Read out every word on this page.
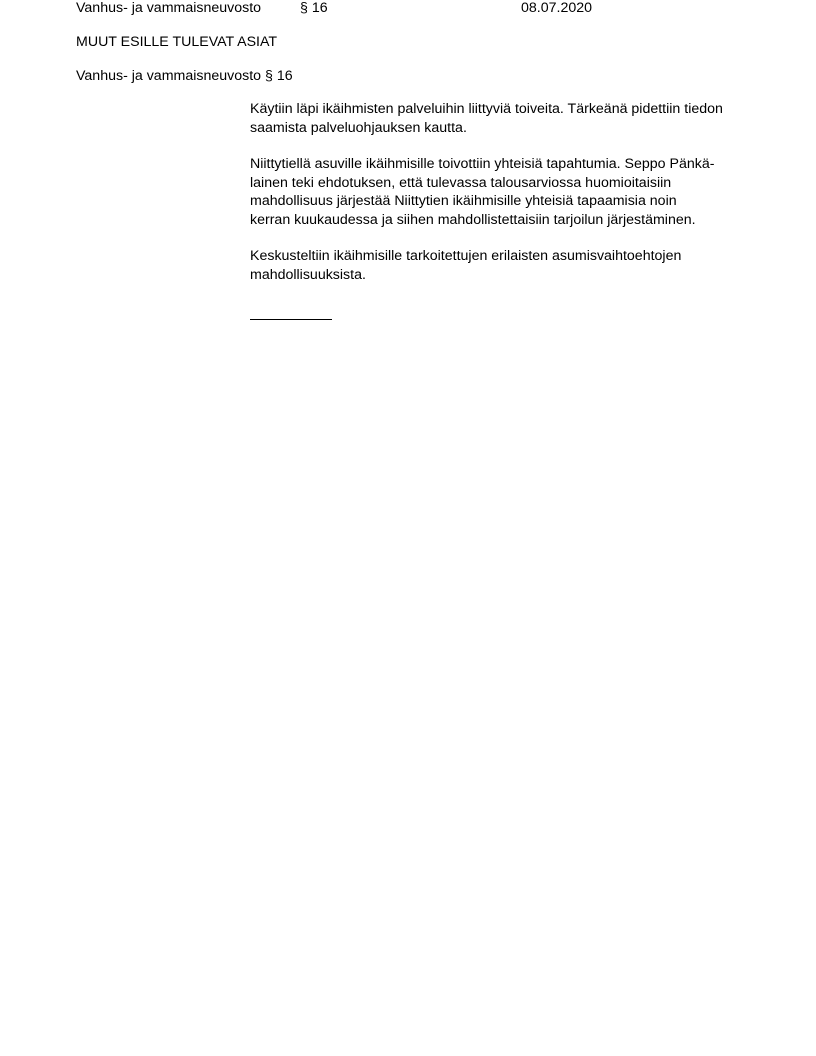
Vanhus- ja vammaisneuvosto	§ 16	08.07.2020
MUUT ESILLE TULEVAT ASIAT
Vanhus- ja vammaisneuvosto § 16

Käytiin läpi ikäihmisten palveluihin liittyviä toiveita. Tärkeänä pidettiin tiedon
saamista palveluohjauksen kautta.

Niittytiellä asuville ikäihmisille toivottiin yhteisiä tapahtumia. Seppo Pänkä-
lainen teki ehdotuksen, että tulevassa talousarviossa huomioitaisiin
mahdollisuus järjestää Niittytien ikäihmisille yhteisiä tapaamisia noin
kerran kuukaudessa ja siihen mahdollistettaisiin tarjoilun järjestäminen.

Keskusteltiin ikäihmisille tarkoitettujen erilaisten asumisvaihtoehtojen
mahdollisuuksista.
